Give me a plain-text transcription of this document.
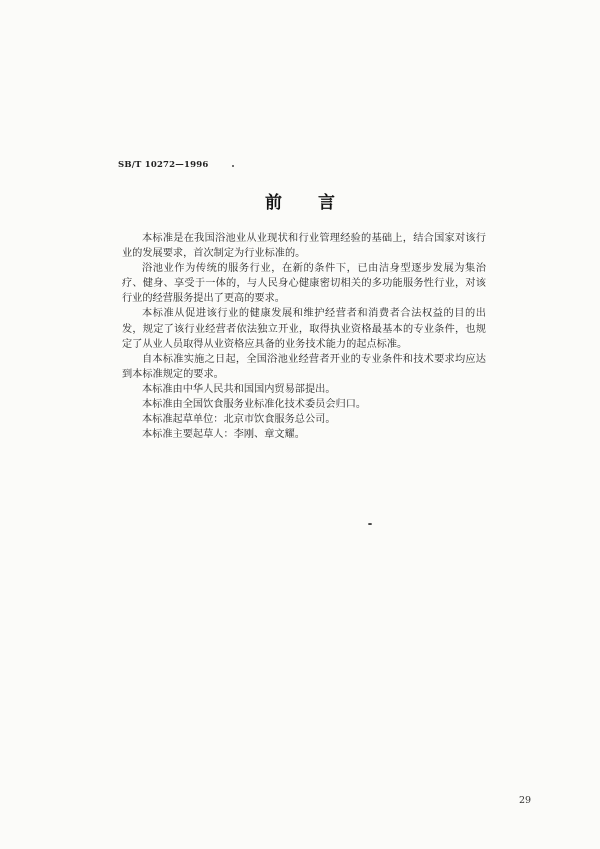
SB/T 10272—1996
前 言

本标准是在我国浴池业从业现状和行业管理经验的基础上，结合国家对该行业的发展要求，首次制定为行业标准的。

浴池业作为传统的服务行业，在新的条件下，已由洁身型逐步发展为集治疗、健身、享受于一体的，与人民身心健康密切相关的多功能服务性行业，对该行业的经营服务提出了更高的要求。

本标准从促进该行业的健康发展和维护经营者和消费者合法权益的目的出发，规定了该行业经营者依法独立开业，取得执业资格最基本的专业条件，也规定了从业人员取得从业资格应具备的业务技术能力的起点标准。

自本标准实施之日起，全国浴池业经营者开业的专业条件和技术要求均应达到本标准规定的要求。

本标准由中华人民共和国国内贸易部提出。

本标准由全国饮食服务业标准化技术委员会归口。

本标准起草单位：北京市饮食服务总公司。

本标准主要起草人：李刚、章文耀。

29
